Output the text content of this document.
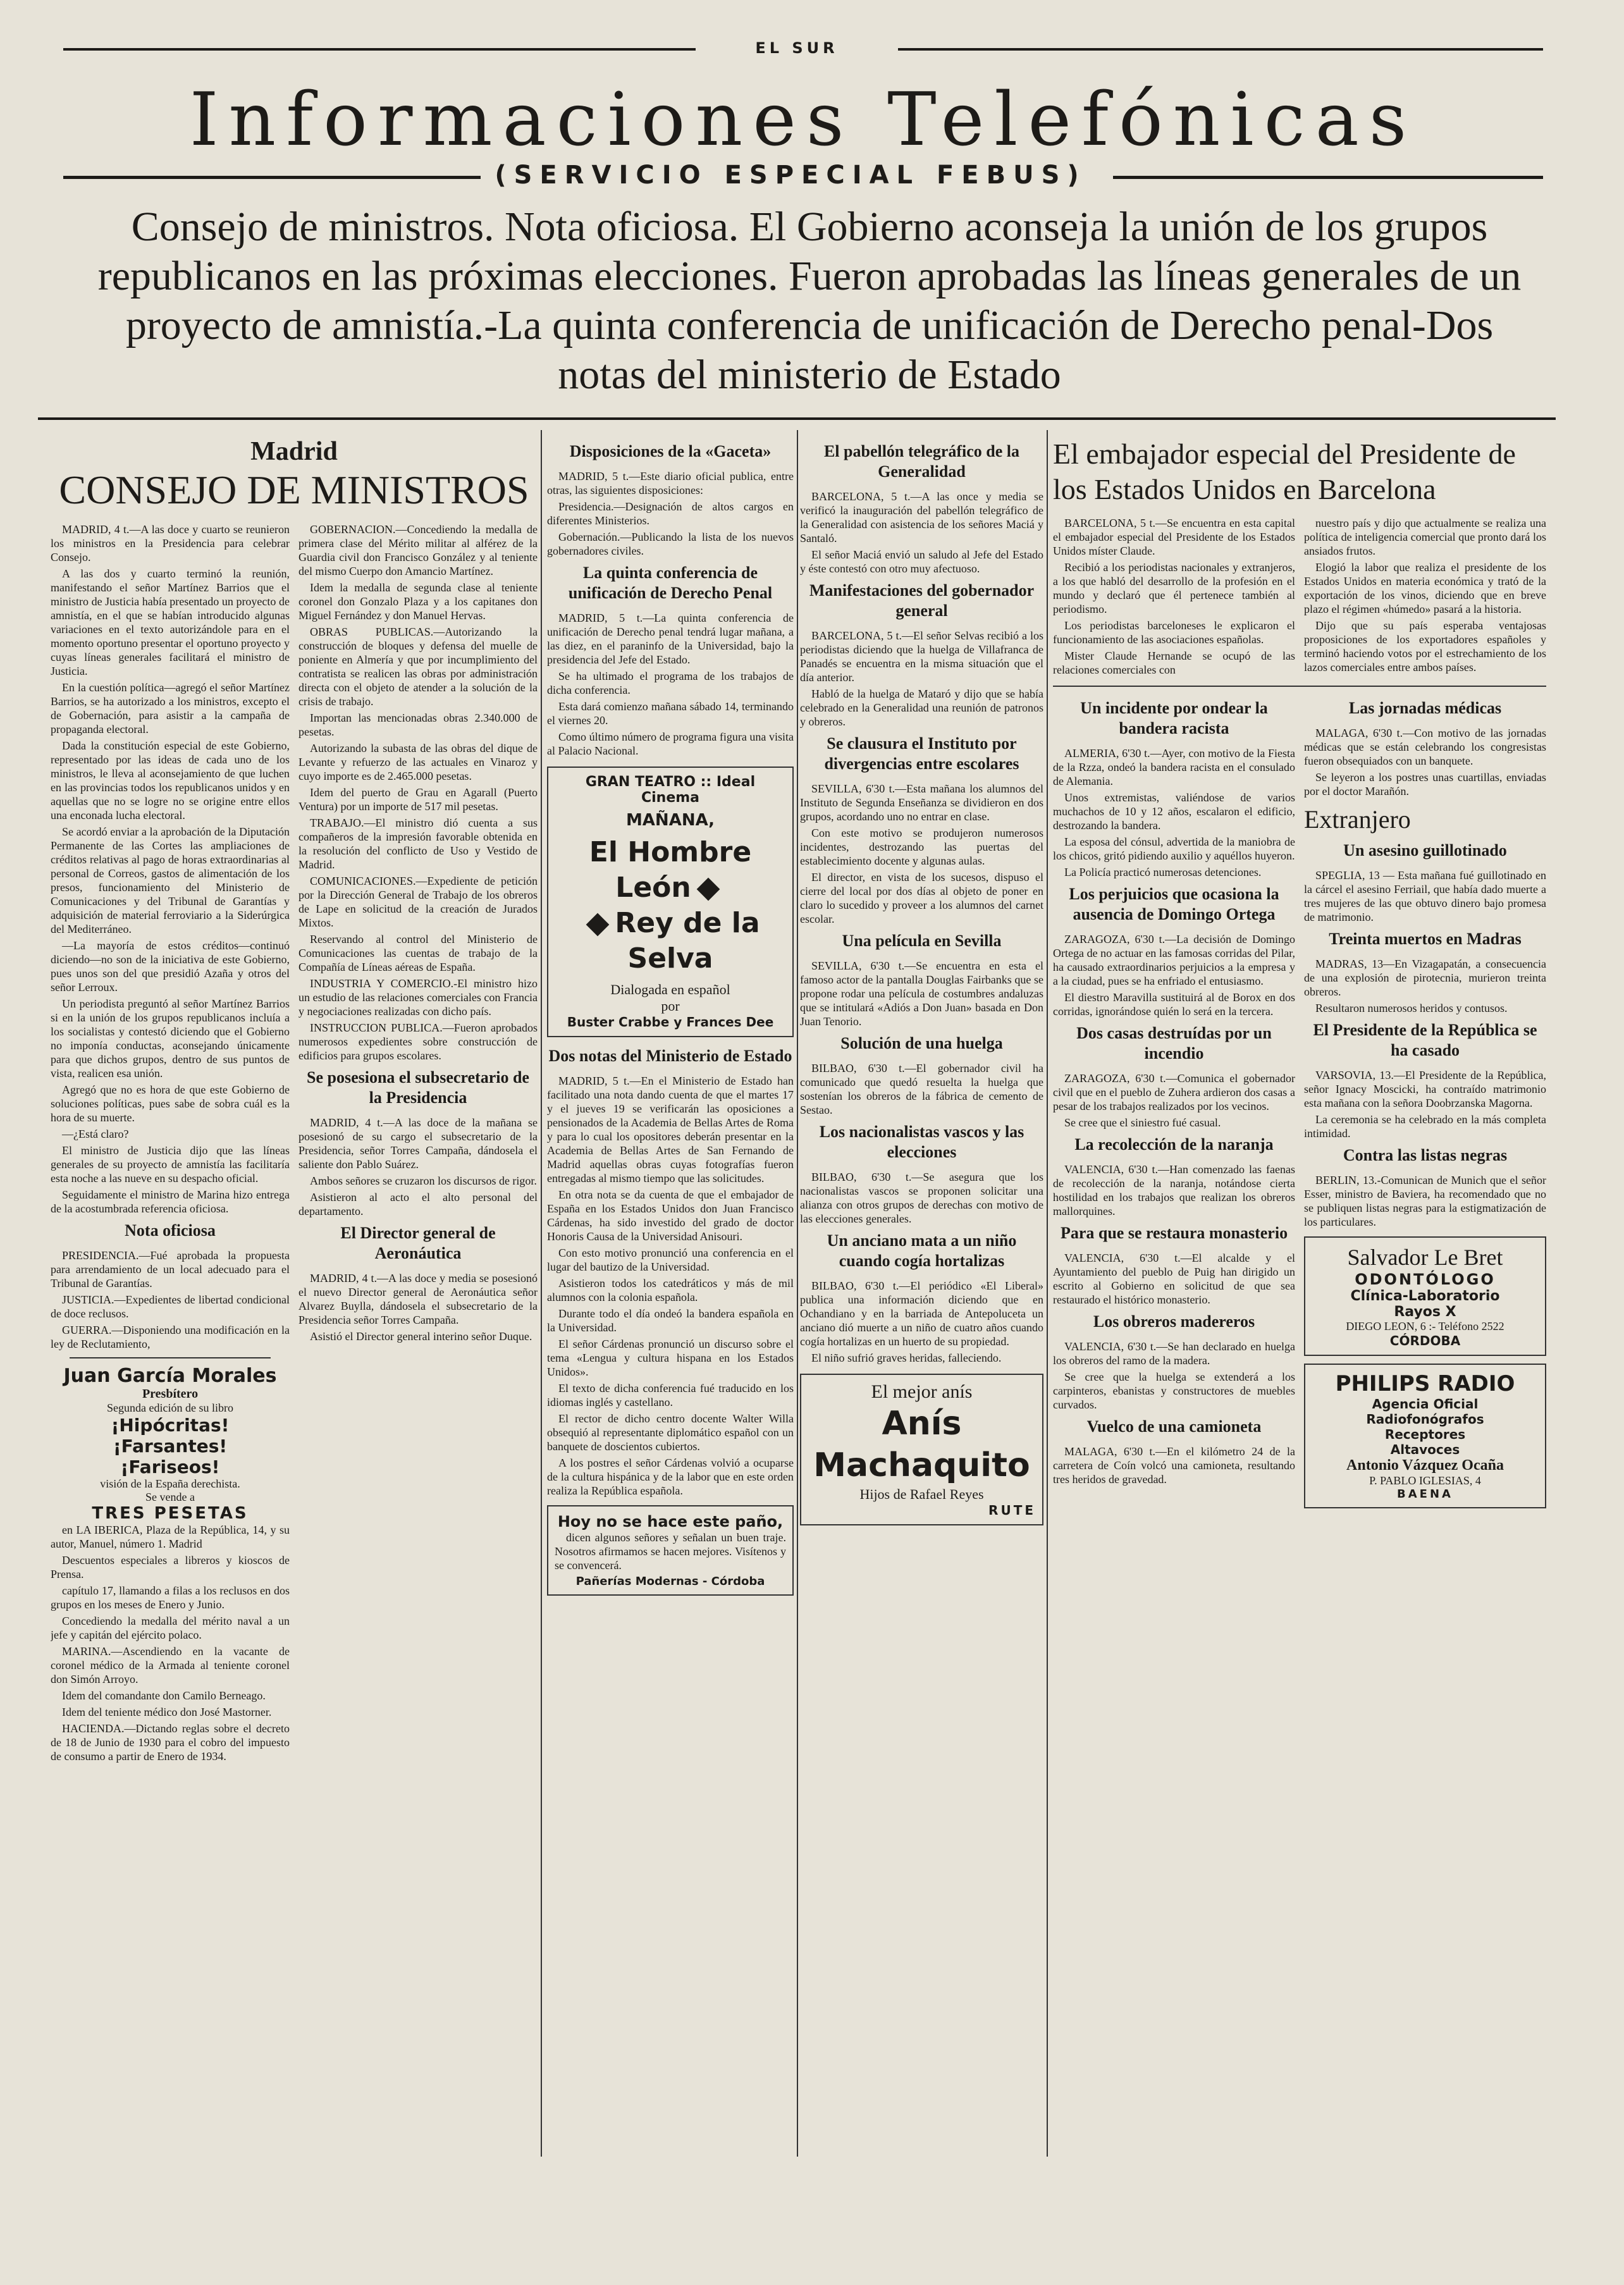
EL SUR
Informaciones Telefónicas
(SERVICIO ESPECIAL FEBUS)
Consejo de ministros. Nota oficiosa. El Gobierno aconseja la unión de los grupos republicanos en las próximas elecciones. Fueron aprobadas las líneas generales de un proyecto de amnistía.-La quinta conferencia de unificación de Derecho penal-Dos notas del ministerio de Estado
Madrid
CONSEJO DE MINISTROS

MADRID, 4 t.—A las doce y cuarto se reunieron los ministros en la Presidencia para celebrar Consejo.

A las dos y cuarto terminó la reunión, manifestando el señor Martínez Barrios que el ministro de Justicia había presentado un proyecto de amnistía, en el que se habían introducido algunas variaciones en el texto autorizándole para en el momento oportuno presentar el oportuno proyecto y cuyas líneas generales facilitará el ministro de Justicia.

En la cuestión política—agregó el señor Martínez Barrios, se ha autorizado a los ministros, excepto el de Gobernación, para asistir a la campaña de propaganda electoral.

Dada la constitución especial de este Gobierno, representado por las ideas de cada uno de los ministros, le lleva al aconsejamiento de que luchen en las provincias todos los republicanos unidos y en aquellas que no se logre no se origine entre ellos una enconada lucha electoral.

Se acordó enviar a la aprobación de la Diputación Permanente de las Cortes las ampliaciones de créditos relativas al pago de horas extraordinarias al personal de Correos, gastos de alimentación de los presos, funcionamiento del Ministerio de Comunicaciones y del Tribunal de Garantías y adquisición de material ferroviario a la Siderúrgica del Mediterráneo.

—La mayoría de estos créditos—continuó diciendo—no son de la iniciativa de este Gobierno, pues unos son del que presidió Azaña y otros del señor Lerroux.

Un periodista preguntó al señor Martínez Barrios si en la unión de los grupos republicanos incluía a los socialistas y contestó diciendo que el Gobierno no imponía conductas, aconsejando únicamente para que dichos grupos, dentro de sus puntos de vista, realicen esa unión.

Agregó que no es hora de que este Gobierno de soluciones políticas, pues sabe de sobra cuál es la hora de su muerte.

—¿Está claro?

El ministro de Justicia dijo que las líneas generales de su proyecto de amnistía las facilitaría esta noche a las nueve en su despacho oficial.

Seguidamente el ministro de Marina hizo entrega de la acostumbrada referencia oficiosa.

Nota oficiosa

PRESIDENCIA.—Fué aprobada la propuesta para arrendamiento de un local adecuado para el Tribunal de Garantías.

JUSTICIA.—Expedientes de libertad condicional de doce reclusos.

GUERRA.—Disponiendo una modificación en la ley de Reclutamiento,

Juan García Morales
Presbítero
Segunda edición de su libro
¡Hipócritas!
¡Farsantes!
¡Fariseos!
visión de la España derechista.
Se vende a
TRES PESETAS

en LA IBERICA, Plaza de la República, 14, y su autor, Manuel, número 1. Madrid

Descuentos especiales a libreros y kioscos de Prensa.

capítulo 17, llamando a filas a los reclusos en dos grupos en los meses de Enero y Junio.

Concediendo la medalla del mérito naval a un jefe y capitán del ejército polaco.

MARINA.—Ascendiendo en la vacante de coronel médico de la Armada al teniente coronel don Simón Arroyo.

Idem del comandante don Camilo Berneago.

Idem del teniente médico don José Mastorner.

HACIENDA.—Dictando reglas sobre el decreto de 18 de Junio de 1930 para el cobro del impuesto de consumo a partir de Enero de 1934.

GOBERNACION.—Concediendo la medalla de primera clase del Mérito militar al alférez de la Guardia civil don Francisco González y al teniente del mismo Cuerpo don Amancio Martínez.

Idem la medalla de segunda clase al teniente coronel don Gonzalo Plaza y a los capitanes don Miguel Fernández y don Manuel Hervas.

OBRAS PUBLICAS.—Autorizando la construcción de bloques y defensa del muelle de poniente en Almería y que por incumplimiento del contratista se realicen las obras por administración directa con el objeto de atender a la solución de la crisis de trabajo.

Importan las mencionadas obras 2.340.000 de pesetas.

Autorizando la subasta de las obras del dique de Levante y refuerzo de las actuales en Vinaroz y cuyo importe es de 2.465.000 pesetas.

Idem del puerto de Grau en Agarall (Puerto Ventura) por un importe de 517 mil pesetas.

TRABAJO.—El ministro dió cuenta a sus compañeros de la impresión favorable obtenida en la resolución del conflicto de Uso y Vestido de Madrid.

COMUNICACIONES.—Expediente de petición por la Dirección General de Trabajo de los obreros de Lape en solicitud de la creación de Jurados Mixtos.

Reservando al control del Ministerio de Comunicaciones las cuentas de trabajo de la Compañía de Líneas aéreas de España.

INDUSTRIA Y COMERCIO.-El ministro hizo un estudio de las relaciones comerciales con Francia y negociaciones realizadas con dicho país.

INSTRUCCION PUBLICA.—Fueron aprobados numerosos expedientes sobre construcción de edificios para grupos escolares.

Se posesiona el subsecretario de la Presidencia

MADRID, 4 t.—A las doce de la mañana se posesionó de su cargo el subsecretario de la Presidencia, señor Torres Campaña, dándosela el saliente don Pablo Suárez.

Ambos señores se cruzaron los discursos de rigor.

Asistieron al acto el alto personal del departamento.

El Director general de Aeronáutica

MADRID, 4 t.—A las doce y media se posesionó el nuevo Director general de Aeronáutica señor Alvarez Buylla, dándosela el subsecretario de la Presidencia señor Torres Campaña.

Asistió el Director general interino señor Duque.

Disposiciones de la «Gaceta»

MADRID, 5 t.—Este diario oficial publica, entre otras, las siguientes disposiciones:

Presidencia.—Designación de altos cargos en diferentes Ministerios.

Gobernación.—Publicando la lista de los nuevos gobernadores civiles.

La quinta conferencia de unificación de Derecho Penal

MADRID, 5 t.—La quinta conferencia de unificación de Derecho penal tendrá lugar mañana, a las diez, en el paraninfo de la Universidad, bajo la presidencia del Jefe del Estado.

Se ha ultimado el programa de los trabajos de dicha conferencia.

Esta dará comienzo mañana sábado 14, terminando el viernes 20.

Como último número de programa figura una visita al Palacio Nacional.

GRAN TEATRO :: Ideal Cinema
MAÑANA,
El Hombre León
Rey de la Selva
Dialogada en español
por
Buster Crabbe y Frances Dee
Dos notas del Ministerio de Estado

MADRID, 5 t.—En el Ministerio de Estado han facilitado una nota dando cuenta de que el martes 17 y el jueves 19 se verificarán las oposiciones a pensionados de la Academia de Bellas Artes de Roma y para lo cual los opositores deberán presentar en la Academia de Bellas Artes de San Fernando de Madrid aquellas obras cuyas fotografías fueron entregadas al mismo tiempo que las solicitudes.

En otra nota se da cuenta de que el embajador de España en los Estados Unidos don Juan Francisco Cárdenas, ha sido investido del grado de doctor Honoris Causa de la Universidad Anisouri.

Con esto motivo pronunció una conferencia en el lugar del bautizo de la Universidad.

Asistieron todos los catedráticos y más de mil alumnos con la colonia española.

Durante todo el día ondeó la bandera española en la Universidad.

El señor Cárdenas pronunció un discurso sobre el tema «Lengua y cultura hispana en los Estados Unidos».

El texto de dicha conferencia fué traducido en los idiomas inglés y castellano.

El rector de dicho centro docente Walter Willa obsequió al representante diplomático español con un banquete de doscientos cubiertos.

A los postres el señor Cárdenas volvió a ocuparse de la cultura hispánica y de la labor que en este orden realiza la República española.

Hoy no se hace este paño,

dicen algunos señores y señalan un buen traje. Nosotros afirmamos se hacen mejores. Visítenos y se convencerá.

Pañerías Modernas - Córdoba
El pabellón telegráfico de la Generalidad

BARCELONA, 5 t.—A las once y media se verificó la inauguración del pabellón telegráfico de la Generalidad con asistencia de los señores Maciá y Santaló.

El señor Maciá envió un saludo al Jefe del Estado y éste contestó con otro muy afectuoso.

Manifestaciones del gobernador general

BARCELONA, 5 t.—El señor Selvas recibió a los periodistas diciendo que la huelga de Villafranca de Panadés se encuentra en la misma situación que el día anterior.

Habló de la huelga de Mataró y dijo que se había celebrado en la Generalidad una reunión de patronos y obreros.

Se clausura el Instituto por divergencias entre escolares

SEVILLA, 6'30 t.—Esta mañana los alumnos del Instituto de Segunda Enseñanza se dividieron en dos grupos, acordando uno no entrar en clase.

Con este motivo se produjeron numerosos incidentes, destrozando las puertas del establecimiento docente y algunas aulas.

El director, en vista de los sucesos, dispuso el cierre del local por dos días al objeto de poner en claro lo sucedido y proveer a los alumnos del carnet escolar.

Una película en Sevilla

SEVILLA, 6'30 t.—Se encuentra en esta el famoso actor de la pantalla Douglas Fairbanks que se propone rodar una película de costumbres andaluzas que se intitulará «Adiós a Don Juan» basada en Don Juan Tenorio.

Solución de una huelga

BILBAO, 6'30 t.—El gobernador civil ha comunicado que quedó resuelta la huelga que sostenían los obreros de la fábrica de cemento de Sestao.

Los nacionalistas vascos y las elecciones

BILBAO, 6'30 t.—Se asegura que los nacionalistas vascos se proponen solicitar una alianza con otros grupos de derechas con motivo de las elecciones generales.

Un anciano mata a un niño cuando cogía hortalizas

BILBAO, 6'30 t.—El periódico «El Liberal» publica una información diciendo que en Ochandiano y en la barriada de Antepoluceta un anciano dió muerte a un niño de cuatro años cuando cogía hortalizas en un huerto de su propiedad.

El niño sufrió graves heridas, falleciendo.

El mejor anís
Anís Machaquito
Hijos de Rafael Reyes
RUTE
El embajador especial del Presidente de los Estados Unidos en Barcelona

BARCELONA, 5 t.—Se encuentra en esta capital el embajador especial del Presidente de los Estados Unidos míster Claude.

Recibió a los periodistas nacionales y extranjeros, a los que habló del desarrollo de la profesión en el mundo y declaró que él pertenece también al periodismo.

Los periodistas barceloneses le explicaron el funcionamiento de las asociaciones españolas.

Mister Claude Hernande se ocupó de las relaciones comerciales con

nuestro país y dijo que actualmente se realiza una política de inteligencia comercial que pronto dará los ansiados frutos.

Elogió la labor que realiza el presidente de los Estados Unidos en materia económica y trató de la exportación de los vinos, diciendo que en breve plazo el régimen «húmedo» pasará a la historia.

Dijo que su país esperaba ventajosas proposiciones de los exportadores españoles y terminó haciendo votos por el estrechamiento de los lazos comerciales entre ambos países.

Un incidente por ondear la bandera racista

ALMERIA, 6'30 t.—Ayer, con motivo de la Fiesta de la Rzza, ondeó la bandera racista en el consulado de Alemania.

Unos extremistas, valiéndose de varios muchachos de 10 y 12 años, escalaron el edificio, destrozando la bandera.

La esposa del cónsul, advertida de la maniobra de los chicos, gritó pidiendo auxilio y aquéllos huyeron.

La Policía practicó numerosas detenciones.

Los perjuicios que ocasiona la ausencia de Domingo Ortega

ZARAGOZA, 6'30 t.—La decisión de Domingo Ortega de no actuar en las famosas corridas del Pilar, ha causado extraordinarios perjuicios a la empresa y a la ciudad, pues se ha enfriado el entusiasmo.

El diestro Maravilla sustituirá al de Borox en dos corridas, ignorándose quién lo será en la tercera.

Dos casas destruídas por un incendio

ZARAGOZA, 6'30 t.—Comunica el gobernador civil que en el pueblo de Zuhera ardieron dos casas a pesar de los trabajos realizados por los vecinos.

Se cree que el siniestro fué casual.

La recolección de la naranja

VALENCIA, 6'30 t.—Han comenzado las faenas de recolección de la naranja, notándose cierta hostilidad en los trabajos que realizan los obreros mallorquines.

Para que se restaura monasterio

VALENCIA, 6'30 t.—El alcalde y el Ayuntamiento del pueblo de Puig han dirigido un escrito al Gobierno en solicitud de que sea restaurado el histórico monasterio.

Los obreros madereros

VALENCIA, 6'30 t.—Se han declarado en huelga los obreros del ramo de la madera.

Se cree que la huelga se extenderá a los carpinteros, ebanistas y constructores de muebles curvados.

Vuelco de una camioneta

MALAGA, 6'30 t.—En el kilómetro 24 de la carretera de Coín volcó una camioneta, resultando tres heridos de gravedad.

Las jornadas médicas

MALAGA, 6'30 t.—Con motivo de las jornadas médicas que se están celebrando los congresistas fueron obsequiados con un banquete.

Se leyeron a los postres unas cuartillas, enviadas por el doctor Marañón.

Extranjero
Un asesino guillotinado

SPEGLIA, 13 — Esta mañana fué guillotinado en la cárcel el asesino Ferriail, que había dado muerte a tres mujeres de las que obtuvo dinero bajo promesa de matrimonio.

Treinta muertos en Madras

MADRAS, 13—En Vizagapatán, a consecuencia de una explosión de pirotecnia, murieron treinta obreros.

Resultaron numerosos heridos y contusos.

El Presidente de la República se ha casado

VARSOVIA, 13.—El Presidente de la República, señor Ignacy Moscicki, ha contraído matrimonio esta mañana con la señora Doobrzanska Magorna.

La ceremonia se ha celebrado en la más completa intimidad.

Contra las listas negras

BERLIN, 13.-Comunican de Munich que el señor Esser, ministro de Baviera, ha recomendado que no se publiquen listas negras para la estigmatización de los particulares.

Salvador Le Bret
ODONTÓLOGO
Clínica-Laboratorio
Rayos X
DIEGO LEON, 6 :- Teléfono 2522
CÓRDOBA
PHILIPS RADIO
Agencia Oficial
Radiofonógrafos
Receptores
Altavoces
Antonio Vázquez Ocaña
P. PABLO IGLESIAS, 4
BAENA
